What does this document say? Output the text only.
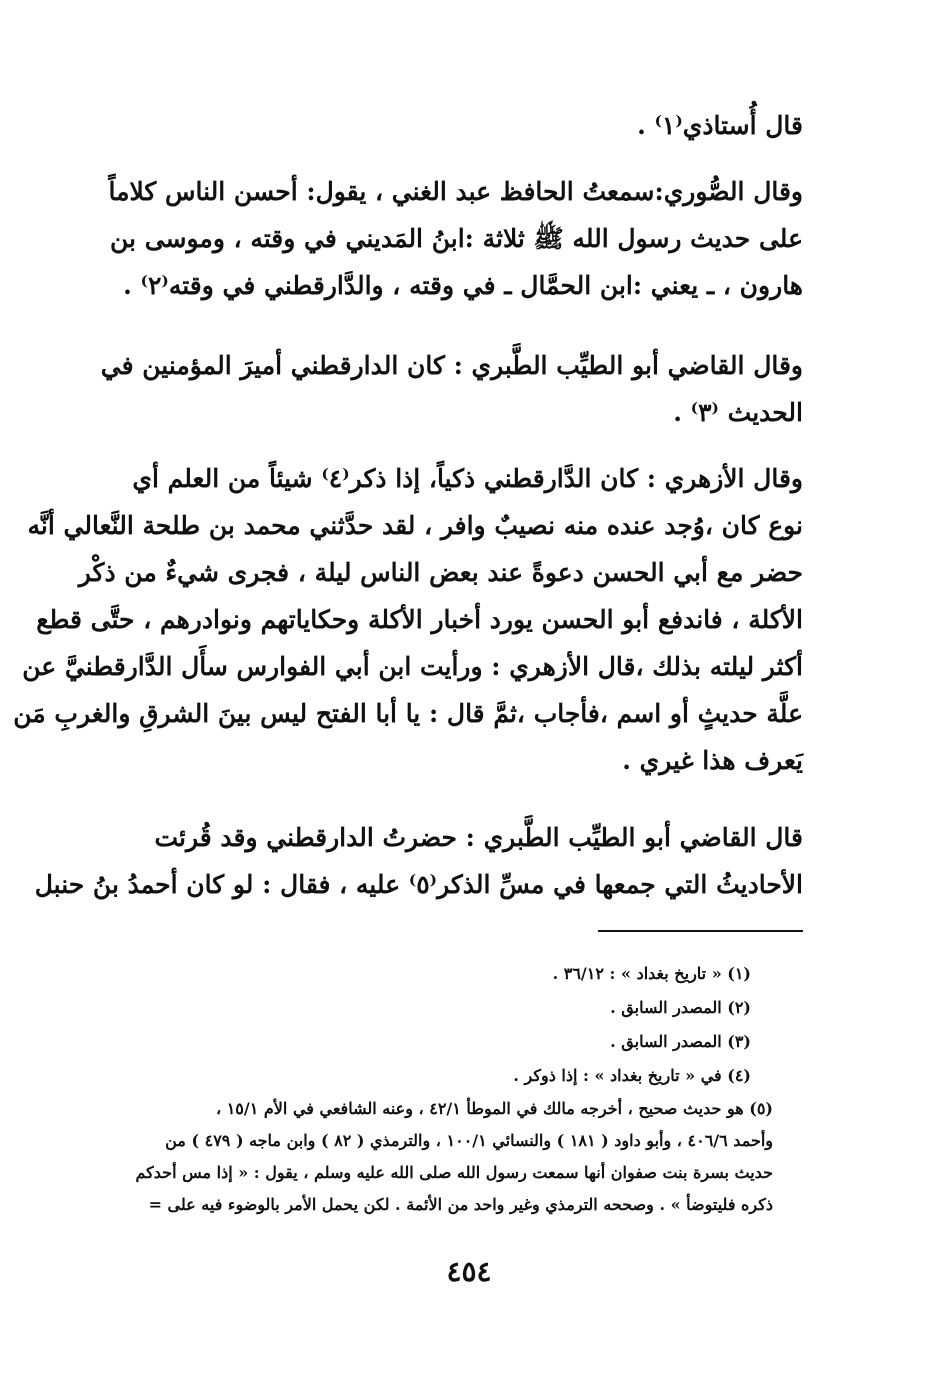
قال أُستاذي⁽١⁾ .
وقال الصُّوري:سمعتُ الحافظ عبد الغني ، يقول: أحسن الناس كلاماً
على حديث رسول الله ﷺ ثلاثة :ابنُ المَديني في وقته ، وموسى بن
هارون ، ـ يعني :ابن الحمَّال ـ في وقته ، والدَّارقطني في وقته⁽٢⁾ .
وقال القاضي أبو الطيِّب الطَّبري : كان الدارقطني أميرَ المؤمنين في
الحديث ⁽٣⁾ .
وقال الأزهري : كان الدَّارقطني ذكياً، إذا ذكر⁽٤⁾ شيئاً من العلم أي
نوع كان ،وُجد عنده منه نصيبٌ وافر ، لقد حدَّثني محمد بن طلحة النَّعالي أنَّه
حضر مع أبي الحسن دعوةً عند بعض الناس ليلة ، فجرى شيءٌ من ذكْر
الأكلة ، فاندفع أبو الحسن يورد أخبار الأكلة وحكاياتهم ونوادرهم ، حتَّى قطع
أكثر ليلته بذلك ،قال الأزهري : ورأيت ابن أبي الفوارس سأَل الدَّارقطنيَّ عن
علَّة حديثٍ أو اسم ،فأجاب ،ثمَّ قال : يا أبا الفتح ليس بينَ الشرقِ والغربِ مَن
يَعرف هذا غيري .
قال القاضي أبو الطيِّب الطَّبري : حضرتُ الدارقطني وقد قُرئت
الأحاديثُ التي جمعها في مسِّ الذكر⁽٥⁾ عليه ، فقال : لو كان أحمدُ بنُ حنبل
(١) « تاريخ بغداد » : ٣٦/١٢ .
(٢) المصدر السابق .
(٣) المصدر السابق .
(٤) في « تاريخ بغداد » : إذا ذوكر .
(٥) هو حديث صحيح ، أخرجه مالك في الموطأ ٤٢/١ ، وعنه الشافعي في الأم ١٥/١ ،
وأحمد ٤٠٦/٦ ، وأبو داود ( ١٨١ ) والنسائي ١٠٠/١ ، والترمذي ( ٨٢ ) وابن ماجه ( ٤٧٩ ) من
حديث بسرة بنت صفوان أنها سمعت رسول الله صلى الله عليه وسلم ، يقول : « إذا مس أحدكم
ذكره فليتوضأ » . وصححه الترمذي وغير واحد من الأئمة . لكن يحمل الأمر بالوضوء فيه على =
٤٥٤
